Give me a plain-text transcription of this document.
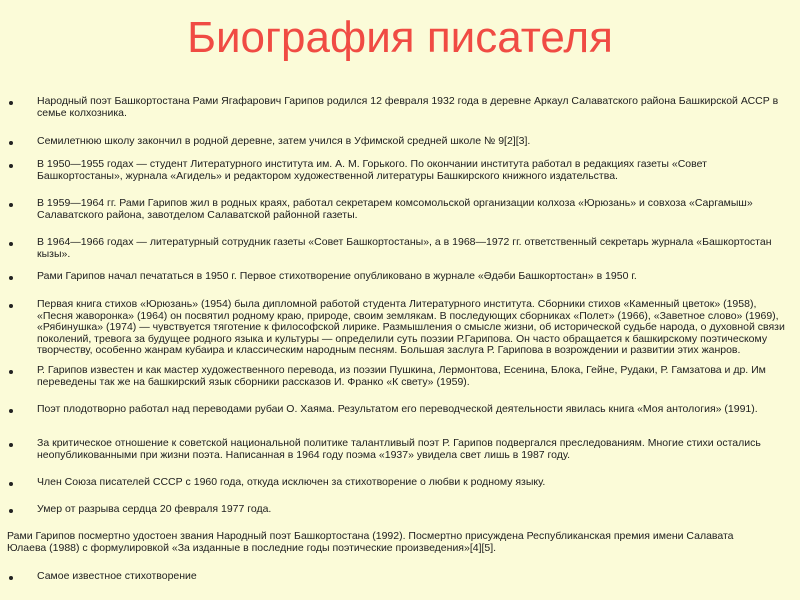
Биография писателя
Народный поэт Башкортостана Рами Ягафарович Гарипов родился 12 февраля 1932 года в деревне Аркаул Салаватского района Башкирской АССР в семье колхозника.
Семилетнюю школу закончил в родной деревне, затем учился в Уфимской средней школе № 9[2][3].
В 1950—1955 годах — студент Литературного института им. А. М. Горького. По окончании института работал в редакциях газеты «Совет Башкортостаны», журнала «Агидель» и редактором художественной литературы Башкирского книжного издательства.
В 1959—1964 гг. Рами Гарипов жил в родных краях, работал секретарем комсомольской организации колхоза «Юрюзань» и совхоза «Саргамыш» Салаватского района, завотделом Салаватской районной газеты.
В 1964—1966 годах — литературный сотрудник газеты «Совет Башкортостаны», а в 1968—1972 гг. ответственный секретарь журнала «Башкортостан кызы».
Рами Гарипов начал печататься в 1950 г. Первое стихотворение опубликовано в журнале «Әдәби Башкортостан» в 1950 г.
Первая книга стихов «Юрюзань» (1954) была дипломной работой студента Литературного института. Сборники стихов «Каменный цветок» (1958), «Песня жаворонка» (1964) он посвятил родному краю, природе, своим землякам. В последующих сборниках «Полет» (1966), «Заветное слово» (1969), «Рябинушка» (1974) — чувствуется тяготение к философской лирике. Размышления о смысле жизни, об исторической судьбе народа, о духовной связи поколений, тревога за будущее родного языка и культуры — определили суть поэзии Р.Гарипова. Он часто обращается к башкирскому поэтическому творчеству, особенно жанрам кубаира и классическим народным песням. Большая заслуга Р. Гарипова в возрождении и развитии этих жанров.
Р. Гарипов известен и как мастер художественного перевода, из поэзии Пушкина, Лермонтова, Есенина, Блока, Гейне, Рудаки, Р. Гамзатова и др. Им переведены так же на башкирский язык сборники рассказов И. Франко «К свету» (1959).
Поэт плодотворно работал над переводами рубаи О. Хаяма. Результатом его переводческой деятельности явилась книга «Моя антология» (1991).
За критическое отношение к советской национальной политике талантливый поэт Р. Гарипов подвергался преследованиям. Многие стихи остались неопубликованными при жизни поэта. Написанная в 1964 году поэма «1937» увидела свет лишь в 1987 году.
Член Союза писателей СССР с 1960 года, откуда исключен за стихотворение о любви к родному языку.
Умер от разрыва сердца 20 февраля 1977 года.
Рами Гарипов посмертно удостоен звания Народный поэт Башкортостана (1992). Посмертно присуждена Республиканская премия имени Салавата Юлаева (1988) с формулировкой «За изданные в последние годы поэтические произведения»[4][5].
Самое известное стихотворение
